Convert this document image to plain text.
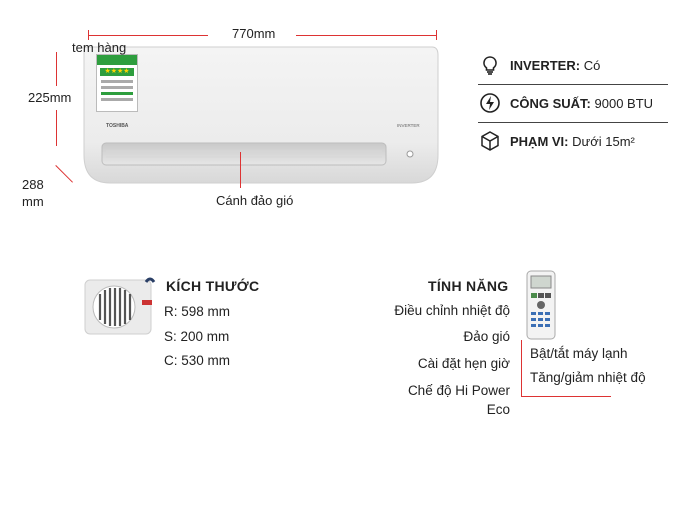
TOSHIBA	INVERTER
★★★★
tem hàng
770mm
225mm
288
mm	Cánh đảo gió
INVERTER: Có
CÔNG SUẤT: 9000 BTU
PHẠM VI: Dưới 15m²
KÍCH THƯỚC
R: 598 mm
S: 200 mm
C: 530 mm
TÍNH NĂNG
Điều chỉnh nhiệt độ
Đảo gió
Cài đặt hẹn giờ
Chế độ Hi Power
Eco
Bật/tắt máy lạnh
Tăng/giảm nhiệt độ
